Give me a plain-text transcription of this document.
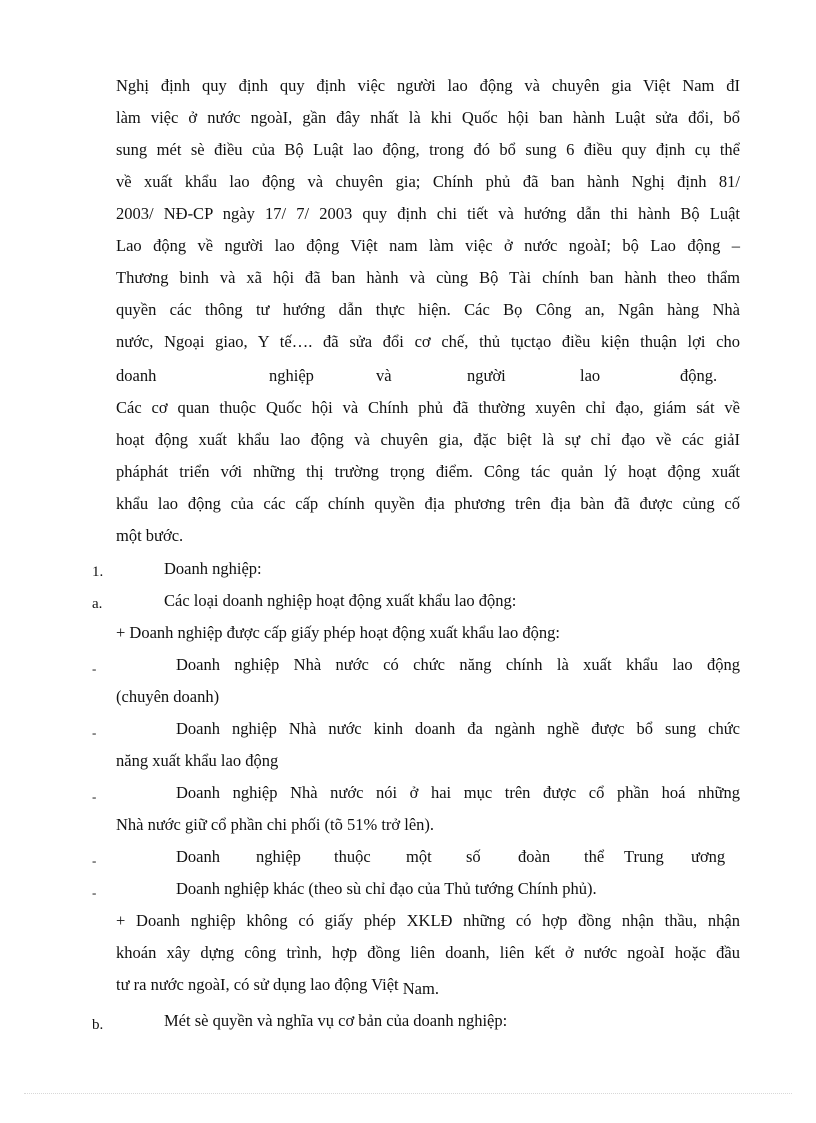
Nghị định quy định quy định việc người lao động và chuyên gia Việt Nam đI

làm việc ở nước ngoàI, gần đây nhất là khi Quốc hội ban hành Luật sửa đổi, bổ

sung mét sè điều của Bộ Luật lao động, trong đó bổ sung 6 điều quy định cụ thể

về xuất khẩu lao động và chuyên gia; Chính phủ đã ban hành Nghị định 81/

2003/ NĐ-CP ngày 17/ 7/ 2003 quy định chi tiết và hướng dẫn thi hành Bộ Luật

Lao động về người lao động Việt nam làm việc ở nước ngoàI; bộ Lao động –

Thương binh và xã hội đã ban hành và cùng Bộ Tài chính ban hành theo thẩm

quyền các thông tư hướng dẫn thực hiện. Các Bọ Công an, Ngân hàng Nhà

nước, Ngoại giao, Y tế…. đã sửa đổi cơ chế, thủ tụctạo điều kiện thuận lợi cho

doanh	nghiệp	và	người	lao	động.

Các cơ quan thuộc Quốc hội và Chính phủ đã thường xuyên chỉ đạo, giám sát về

hoạt động xuất khẩu lao động và chuyên gia, đặc biệt là sự chỉ đạo về các giảI

pháphát triển với những thị trường trọng điểm. Công tác quản lý hoạt động xuất

khẩu lao động của các cấp chính quyền địa phương trên địa bàn đã được củng cố

một bước.

1.	Doanh nghiệp:

a.	Các loại doanh nghiệp hoạt động xuất khẩu lao động:

+ Doanh nghiệp được cấp giấy phép hoạt động xuất khẩu lao động:

-	Doanh nghiệp Nhà nước có chức năng chính là xuất khẩu lao động

(chuyên doanh)

-	Doanh nghiệp Nhà nước kinh doanh đa ngành nghề được bổ sung chức

năng xuất khẩu lao động

-	Doanh nghiệp Nhà nước nói ở hai mục trên được cổ phần hoá những

Nhà nước giữ cổ phần chi phối (tõ 51% trở lên).

-	Doanh nghiệp thuộc một số đoàn thể Trung ương
-	Doanh nghiệp khác (theo sù chỉ đạo của Thủ tướng Chính phủ).

+ Doanh nghiệp không có giấy phép XKLĐ những có hợp đồng nhận thầu, nhận

khoán xây dựng công trình, hợp đồng liên doanh, liên kết ở nước ngoàI hoặc đầu

tư ra nước ngoàI, có sử dụng lao động Việt Nam.

b.	Mét sè quyền và nghĩa vụ cơ bản của doanh nghiệp:
